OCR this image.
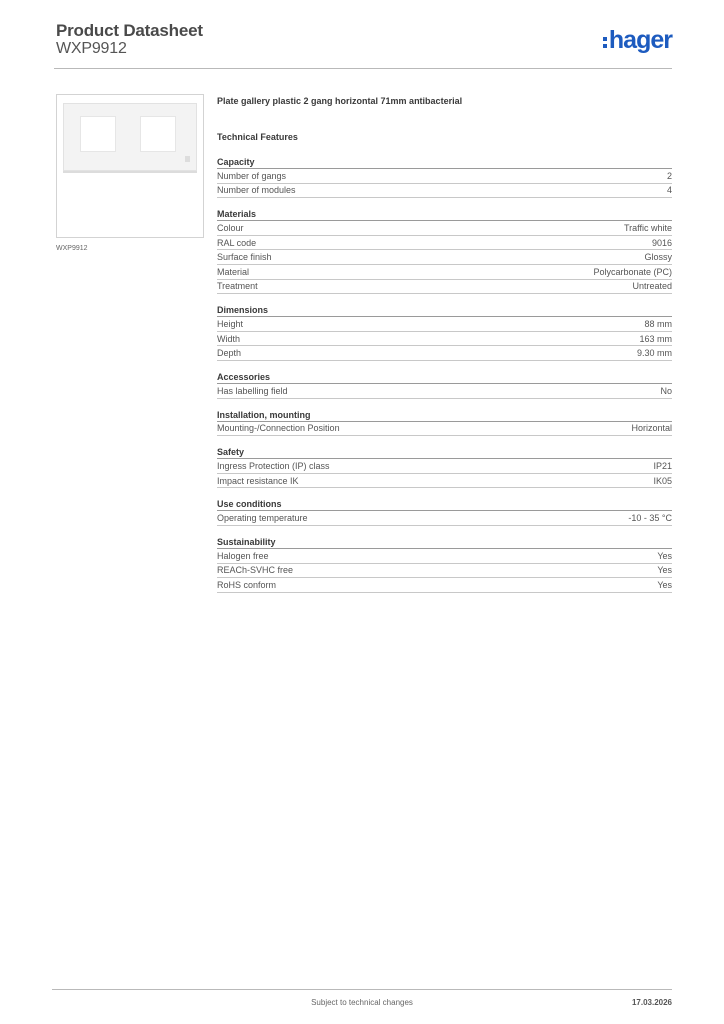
Product Datasheet
WXP9912	hager
WXP9912
Plate gallery plastic 2 gang horizontal 71mm antibacterial
Technical Features
Capacity
Number of gangs	2
Number of modules	4
Materials
Colour	Traffic white
RAL code	9016
Surface finish	Glossy
Material	Polycarbonate (PC)
Treatment	Untreated
Dimensions
Height	88 mm
Width	163 mm
Depth	9.30 mm
Accessories
Has labelling field	No
Installation, mounting
Mounting-/Connection Position	Horizontal
Safety
Ingress Protection (IP) class	IP21
Impact resistance IK	IK05
Use conditions
Operating temperature	-10 - 35 °C
Sustainability
Halogen free	Yes
REACh-SVHC free	Yes
RoHS conform	Yes
Subject to technical changes	17.03.2026
